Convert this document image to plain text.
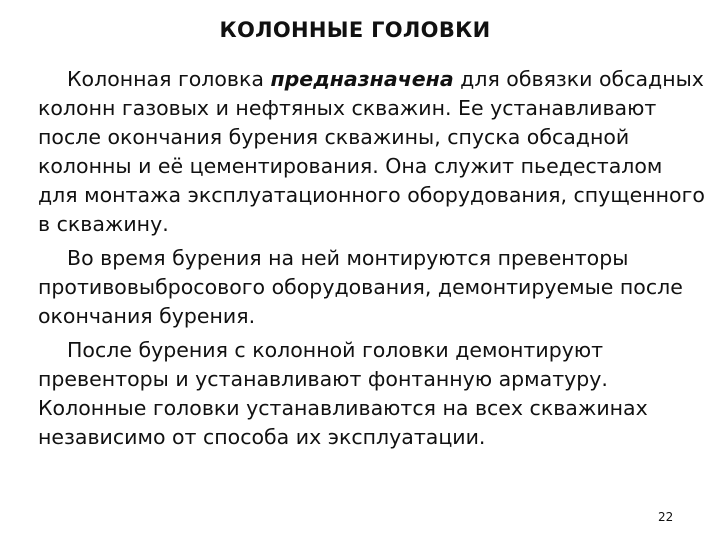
КОЛОННЫЕ ГОЛОВКИ

Колонная головка предназначена для обвязки обсадных колонн газовых и нефтяных скважин. Ее устанавливают после окончания бурения скважины, спуска обсадной колонны и её цементирования. Она служит пьедесталом для монтажа эксплуатационного оборудования, спущенного в скважину.

Во время бурения на ней монтируются превенторы противовыбросового оборудования, демонтируемые после окончания бурения.

После бурения с колонной головки демонтируют превенторы и устанавливают фонтанную арматуру. Колонные головки устанавливаются на всех скважинах независимо от способа их эксплуатации.

22
